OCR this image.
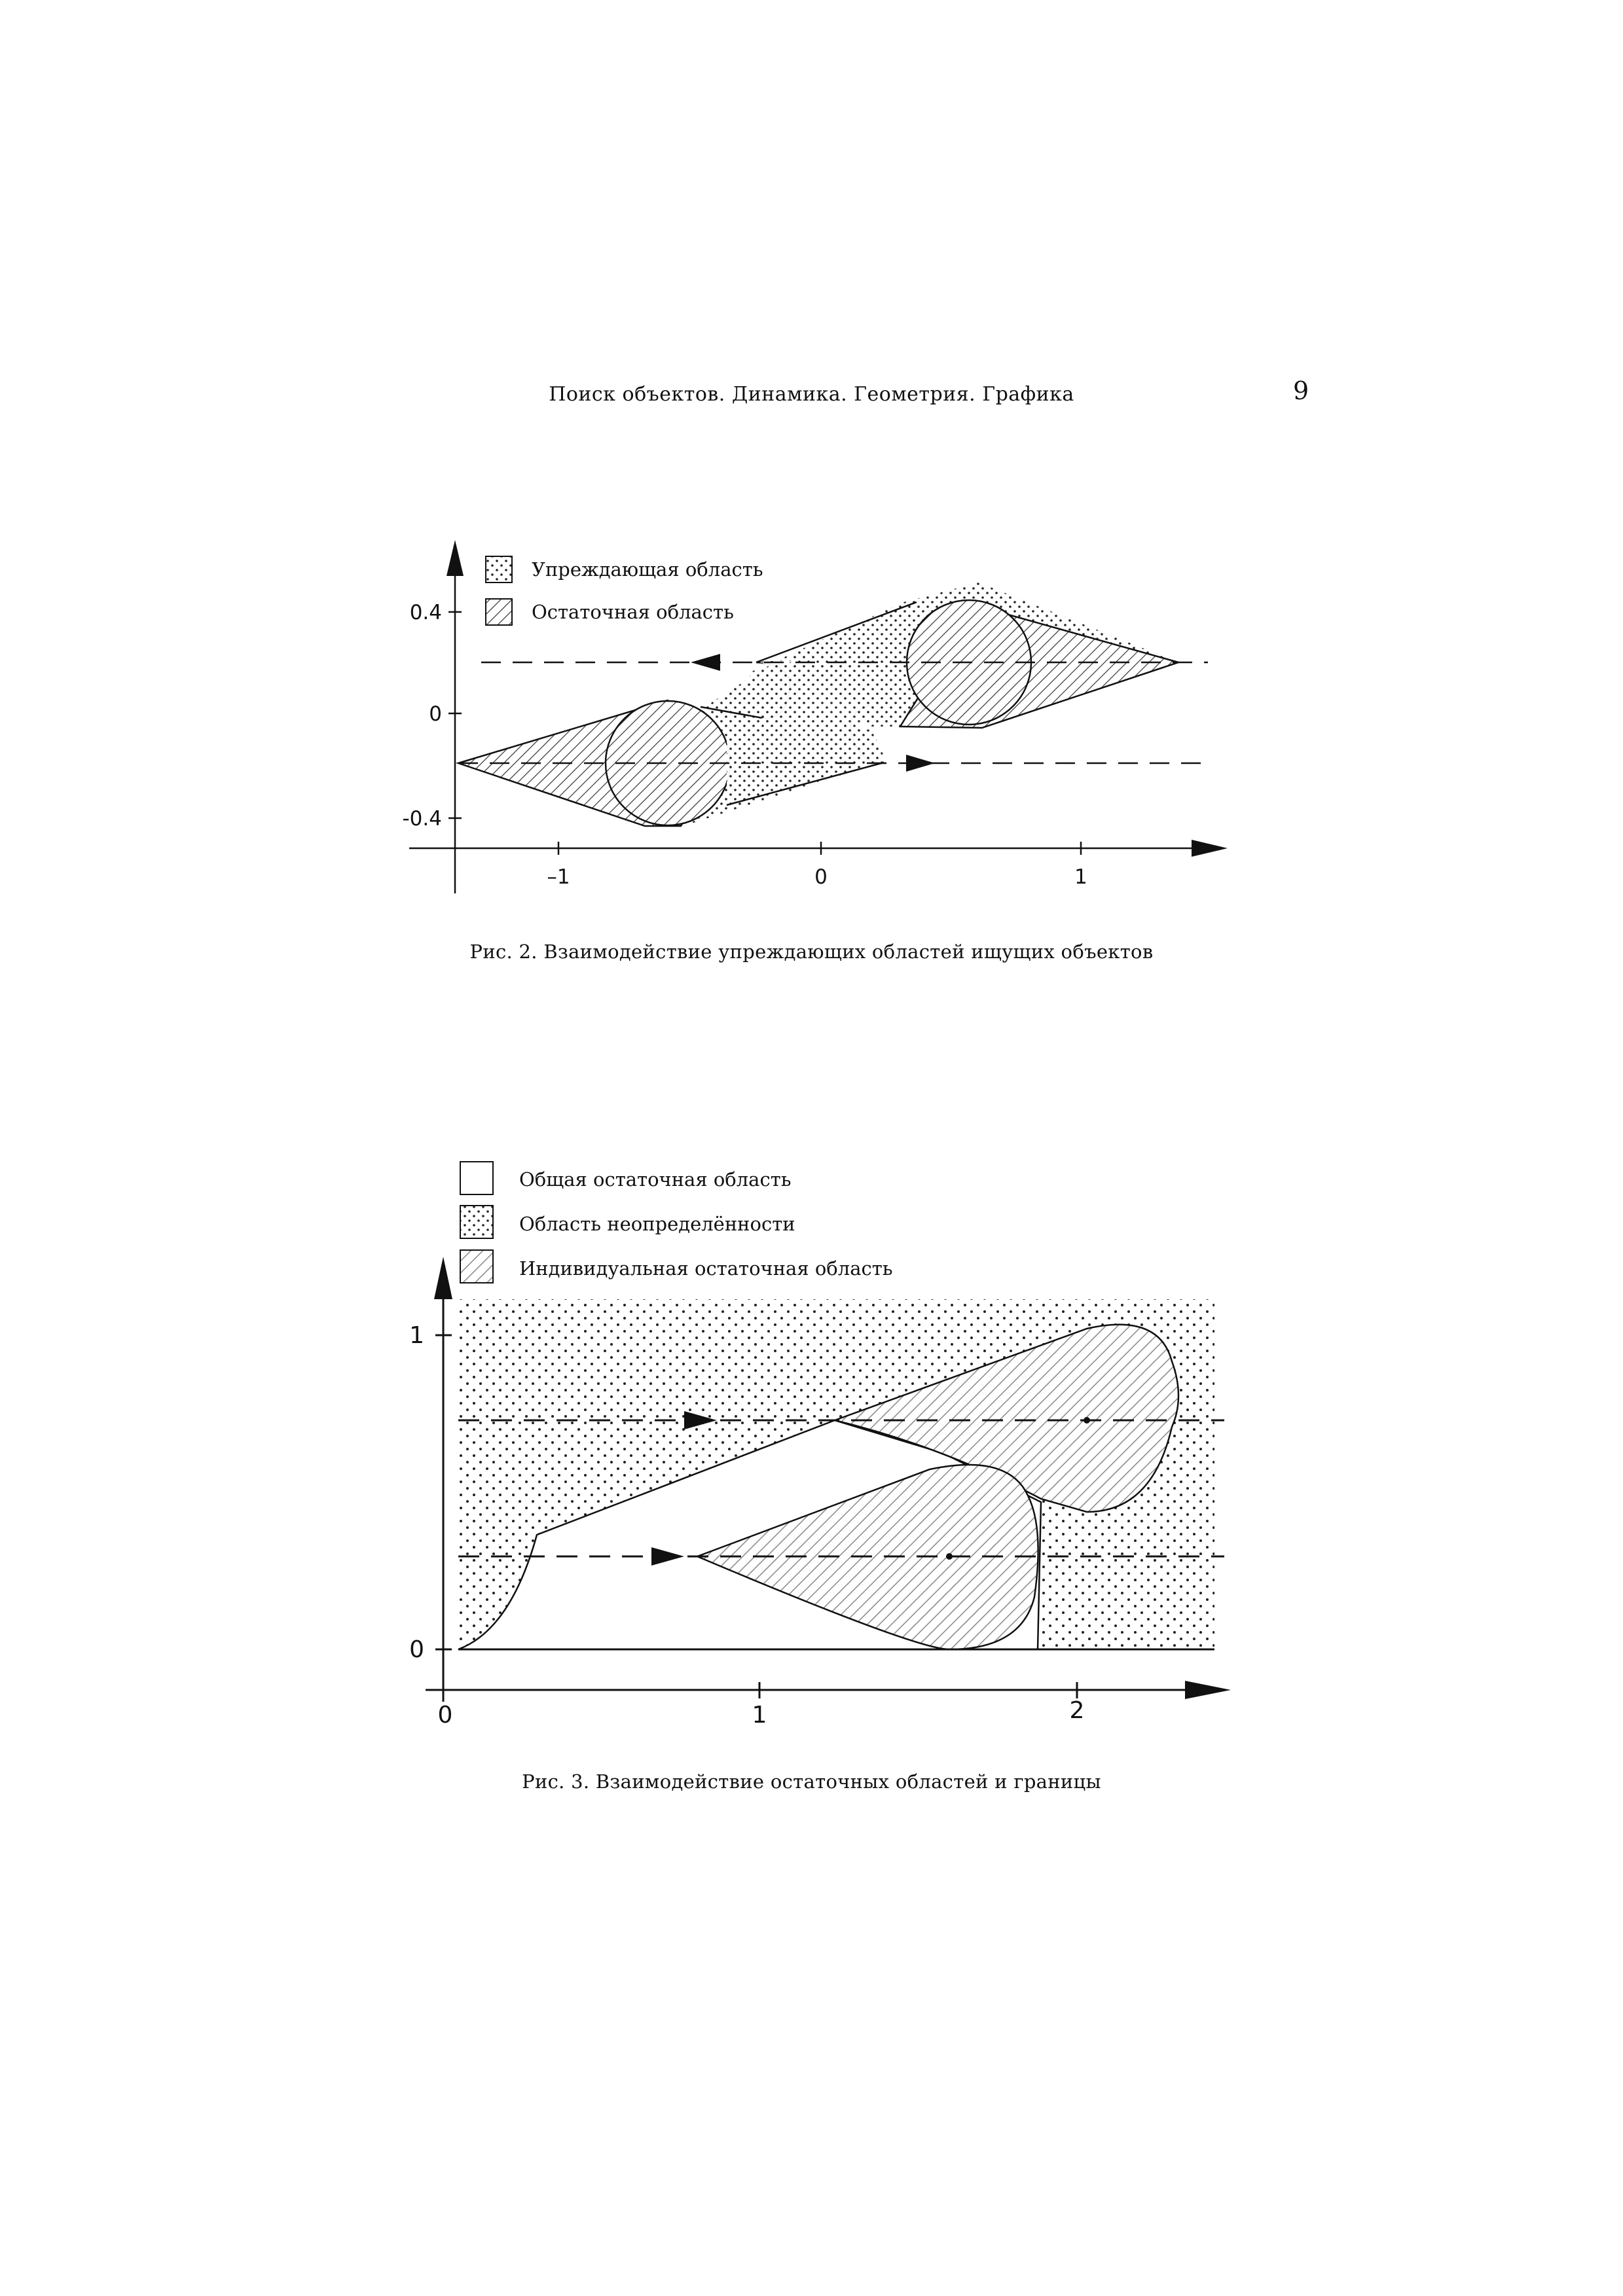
Поиск объектов. Динамика. Геометрия. Графика	9
Упреждающая область
Остаточная область
0.4
0
-0.4
–1	0	1
Общая остаточная область
Область неопределённости
Индивидуальная остаточная область
1
0
0	1	2
Рис. 2. Взаимодействие упреждающих областей ищущих объектов
Рис. 3. Взаимодействие остаточных областей и границы
